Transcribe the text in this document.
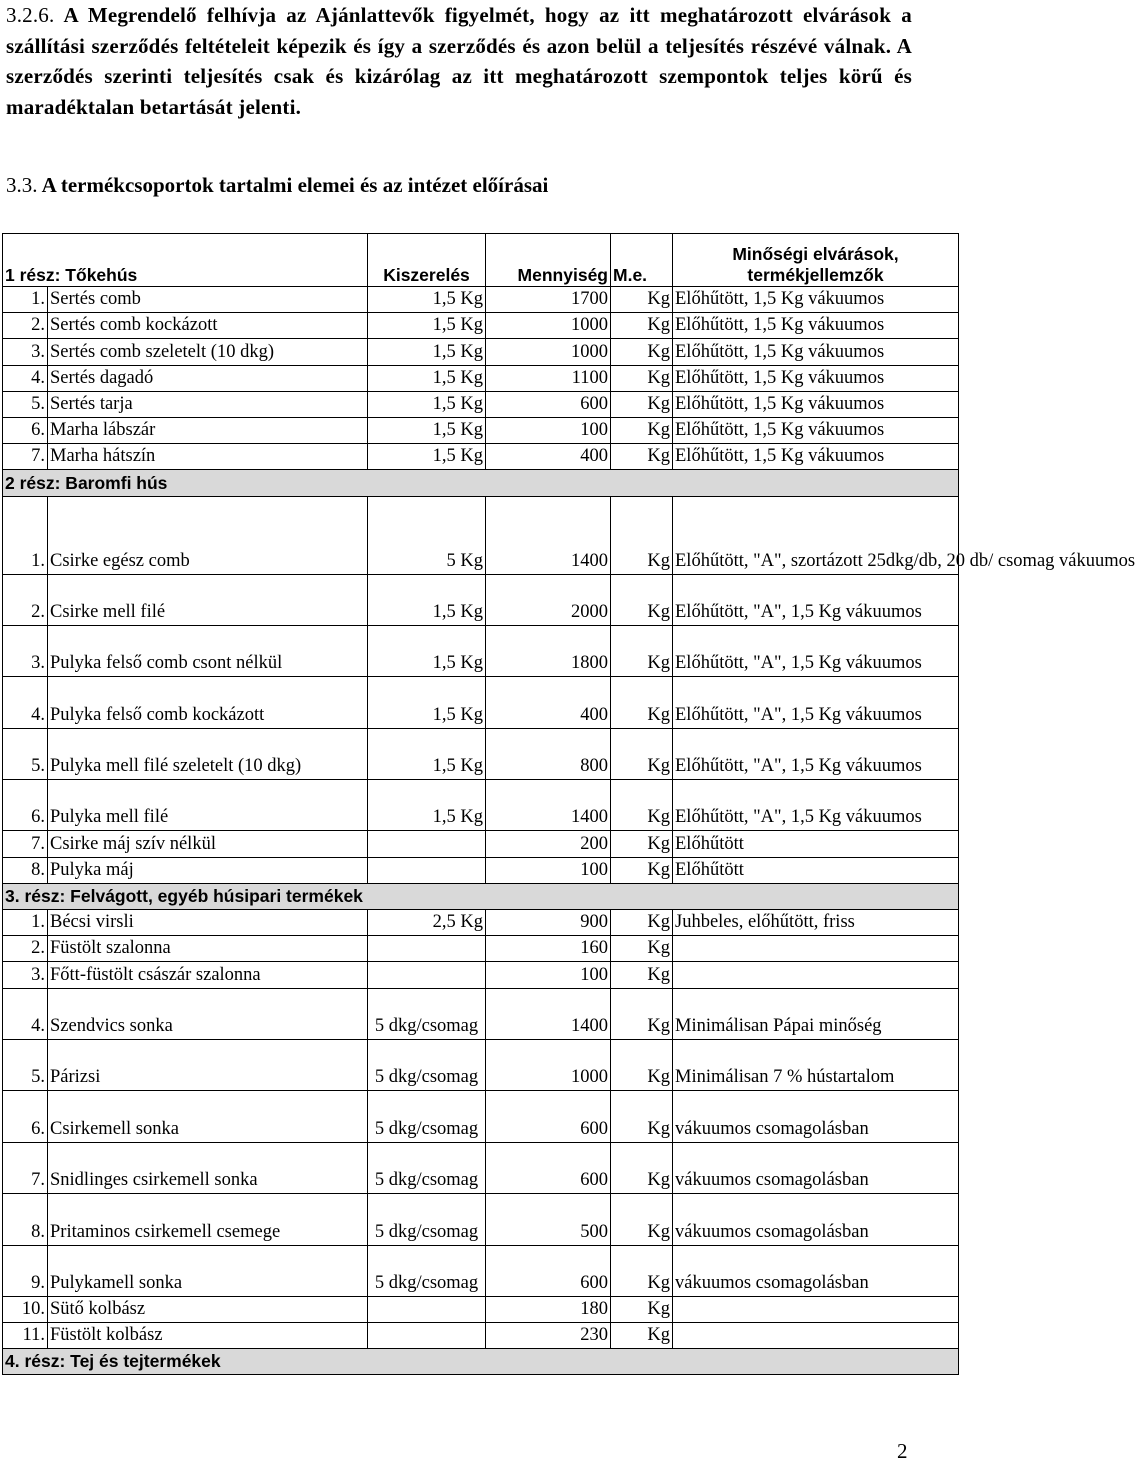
3.2.6. A Megrendelő felhívja az Ajánlattevők figyelmét, hogy az itt meghatározott elvárások a szállítási szerződés feltételeit képezik és így a szerződés és azon belül a teljesítés részévé válnak. A szerződés szerinti teljesítés csak és kizárólag az itt meghatározott szempontok teljes körű és maradéktalan betartását jelenti.
3.3. A termékcsoportok tartalmi elemei és az intézet előírásai
1 rész: Tőkehús		Kiszerelés	Mennyiség	M.e.	Minőségi elvárások, termékjellemzők
1.	Sertés comb	1,5 Kg	1700	Kg	Előhűtött, 1,5 Kg vákuumos
2.	Sertés comb kockázott	1,5 Kg	1000	Kg	Előhűtött, 1,5 Kg vákuumos
3.	Sertés comb szeletelt (10 dkg)	1,5 Kg	1000	Kg	Előhűtött, 1,5 Kg vákuumos
4.	Sertés dagadó	1,5 Kg	1100	Kg	Előhűtött, 1,5 Kg vákuumos
5.	Sertés tarja	1,5 Kg	600	Kg	Előhűtött, 1,5 Kg vákuumos
6.	Marha lábszár	1,5 Kg	100	Kg	Előhűtött, 1,5 Kg vákuumos
7.	Marha hátszín	1,5 Kg	400	Kg	Előhűtött, 1,5 Kg vákuumos
2 rész: Baromfi hús					
1.	Csirke egész comb	5 Kg	1400	Kg	Előhűtött, "A", szortázott 25dkg/db, 20 db/ csomag vákuumos
2.	Csirke mell filé	1,5 Kg	2000	Kg	Előhűtött, "A", 1,5 Kg vákuumos
3.	Pulyka felső comb csont nélkül	1,5 Kg	1800	Kg	Előhűtött, "A", 1,5 Kg vákuumos
4.	Pulyka felső comb kockázott	1,5 Kg	400	Kg	Előhűtött, "A", 1,5 Kg vákuumos
5.	Pulyka mell filé szeletelt (10 dkg)	1,5 Kg	800	Kg	Előhűtött, "A", 1,5 Kg vákuumos
6.	Pulyka mell filé	1,5 Kg	1400	Kg	Előhűtött, "A", 1,5 Kg vákuumos
7.	Csirke máj szív nélkül		200	Kg	Előhűtött
8.	Pulyka máj		100	Kg	Előhűtött
3. rész: Felvágott, egyéb húsipari termékek					
1.	Bécsi virsli	2,5 Kg	900	Kg	Juhbeles, előhűtött, friss
2.	Füstölt szalonna		160	Kg	
3.	Főtt-füstölt császár szalonna		100	Kg	
4.	Szendvics sonka	5 dkg/csomag	1400	Kg	Minimálisan Pápai minőség
5.	Párizsi	5 dkg/csomag	1000	Kg	Minimálisan 7 % hústartalom
6.	Csirkemell sonka	5 dkg/csomag	600	Kg	vákuumos csomagolásban
7.	Snidlinges csirkemell sonka	5 dkg/csomag	600	Kg	vákuumos csomagolásban
8.	Pritaminos csirkemell csemege	5 dkg/csomag	500	Kg	vákuumos csomagolásban
9.	Pulykamell sonka	5 dkg/csomag	600	Kg	vákuumos csomagolásban
10.	Sütő kolbász		180	Kg	
11.	Füstölt kolbász		230	Kg	
4. rész: Tej és tejtermékek					
2
